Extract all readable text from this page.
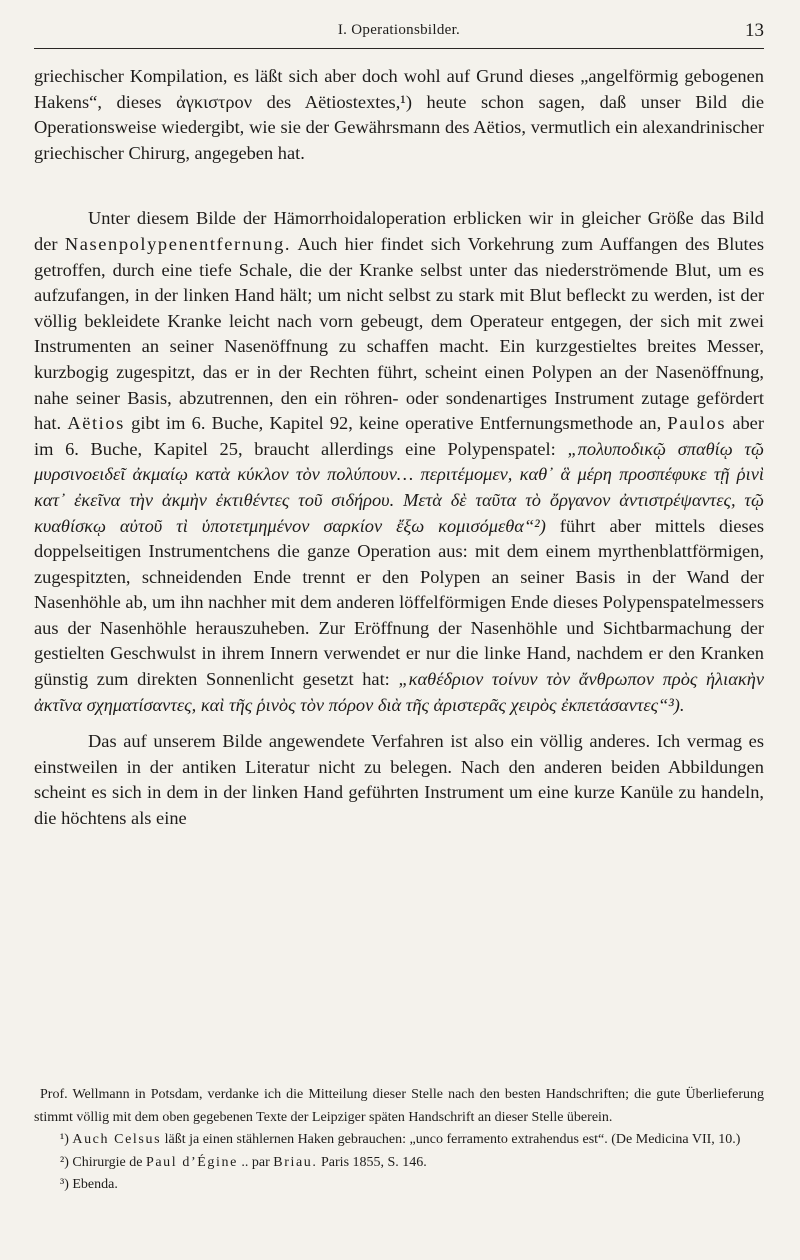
I. Operationsbilder.	13

griechischer Kompilation, es läßt sich aber doch wohl auf Grund dieses „angelförmig gebogenen Hakens“, dieses ἀγκιστρον des Aëtiostextes,¹) heute schon sagen, daß unser Bild die Operationsweise wiedergibt, wie sie der Gewährsmann des Aëtios, vermutlich ein alexandrinischer griechischer Chirurg, angegeben hat.

Unter diesem Bilde der Hämorrhoidaloperation erblicken wir in gleicher Größe das Bild der Nasenpolypenentfernung. Auch hier findet sich Vorkehrung zum Auffangen des Blutes getroffen, durch eine tiefe Schale, die der Kranke selbst unter das niederströmende Blut, um es aufzufangen, in der linken Hand hält; um nicht selbst zu stark mit Blut befleckt zu werden, ist der völlig bekleidete Kranke leicht nach vorn gebeugt, dem Operateur entgegen, der sich mit zwei Instrumenten an seiner Nasenöffnung zu schaffen macht. Ein kurzgestieltes breites Messer, kurzbogig zugespitzt, das er in der Rechten führt, scheint einen Polypen an der Nasenöffnung, nahe seiner Basis, abzutrennen, den ein röhren- oder sondenartiges Instrument zutage gefördert hat. Aëtios gibt im 6. Buche, Kapitel 92, keine operative Entfernungsmethode an, Paulos aber im 6. Buche, Kapitel 25, braucht allerdings eine Polypenspatel: „πολυποδικῷ σπαθίῳ τῷ μυρσινοειδεῖ ἀκμαίῳ κατὰ κύκλον τὸν πολύπουν… περιτέμομεν, καθ᾽ ἃ μέρη προσπέφυκε τῇ ῥινὶ κατ᾽ ἐκεῖνα τὴν ἀκμὴν ἐκτιθέντες τοῦ σιδήρου. Μετὰ δὲ ταῦτα τὸ ὄργανον ἀντιστρέψαντες, τῷ κυαθίσκῳ αὐτοῦ τὶ ὑποτετμημένον σαρκίον ἔξω κομισόμεθα“²) führt aber mittels dieses doppelseitigen Instrumentchens die ganze Operation aus: mit dem einem myrthenblattförmigen, zugespitzten, schneidenden Ende trennt er den Polypen an seiner Basis in der Wand der Nasenhöhle ab, um ihn nachher mit dem anderen löffelförmigen Ende dieses Polypenspatelmessers aus der Nasenhöhle herauszuheben. Zur Eröffnung der Nasenhöhle und Sichtbarmachung der gestielten Geschwulst in ihrem Innern verwendet er nur die linke Hand, nachdem er den Kranken günstig zum direkten Sonnenlicht gesetzt hat: „καθέδριον τοίνυν τὸν ἄνθρωπον πρὸς ἡλιακὴν ἀκτῖνα σχηματίσαντες, καὶ τῆς ῥινὸς τὸν πόρον διὰ τῆς ἀριστερᾶς χειρὸς ἐκπετάσαντες“³).

Das auf unserem Bilde angewendete Verfahren ist also ein völlig anderes. Ich vermag es einstweilen in der antiken Literatur nicht zu belegen. Nach den anderen beiden Abbildungen scheint es sich in dem in der linken Hand geführten Instrument um eine kurze Kanüle zu handeln, die höchtens als eine

Prof. Wellmann in Potsdam, verdanke ich die Mitteilung dieser Stelle nach den besten Handschriften; die gute Überlieferung stimmt völlig mit dem oben gegebenen Texte der Leipziger späten Handschrift an dieser Stelle überein.

¹) Auch Celsus läßt ja einen stählernen Haken gebrauchen: „unco ferramento extrahendus est“. (De Medicina VII, 10.)

²) Chirurgie de Paul d’Égine .. par Briau. Paris 1855, S. 146.

³) Ebenda.
